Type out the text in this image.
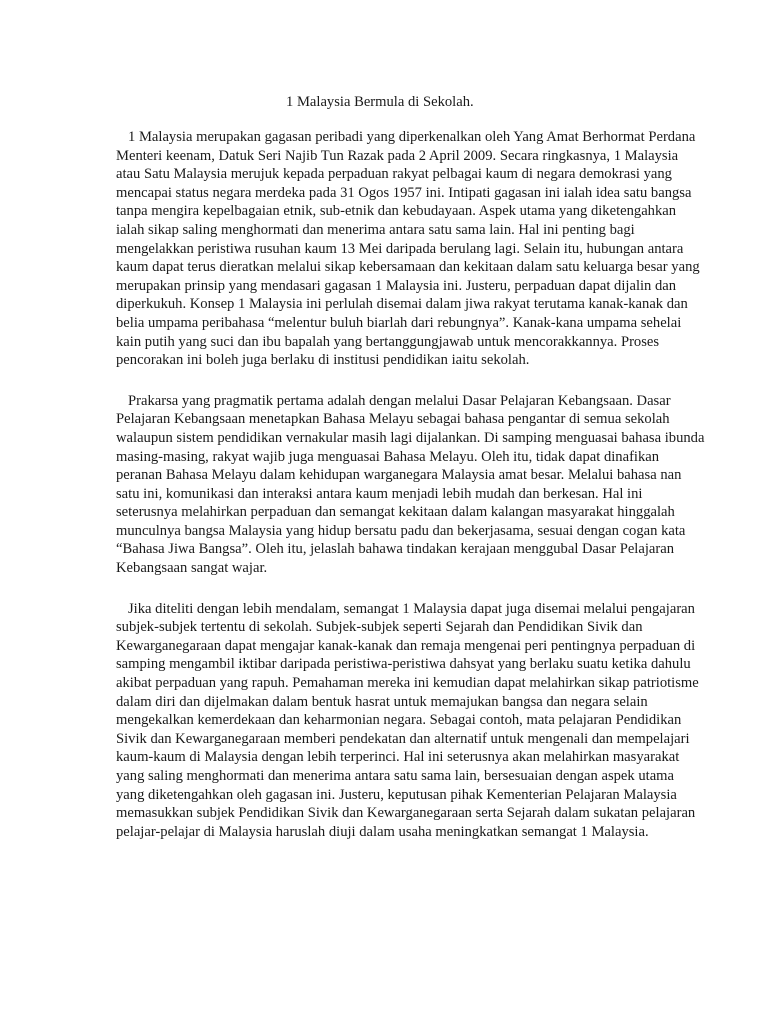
1 Malaysia Bermula di Sekolah.

1 Malaysia merupakan gagasan peribadi yang diperkenalkan oleh Yang Amat Berhormat Perdana Menteri keenam, Datuk Seri Najib Tun Razak pada 2 April 2009. Secara ringkasnya, 1 Malaysia atau Satu Malaysia merujuk kepada perpaduan rakyat pelbagai kaum di negara demokrasi yang mencapai status negara merdeka pada 31 Ogos 1957 ini. Intipati gagasan ini ialah idea satu bangsa tanpa mengira kepelbagaian etnik, sub-etnik dan kebudayaan. Aspek utama yang diketengahkan ialah sikap saling menghormati dan menerima antara satu sama lain. Hal ini penting bagi mengelakkan peristiwa rusuhan kaum 13 Mei daripada berulang lagi. Selain itu, hubungan antara kaum dapat terus dieratkan melalui sikap kebersamaan dan kekitaan dalam satu keluarga besar yang merupakan prinsip yang mendasari gagasan 1 Malaysia ini. Justeru, perpaduan dapat dijalin dan diperkukuh. Konsep 1 Malaysia ini perlulah disemai dalam jiwa rakyat terutama kanak-kanak dan belia umpama peribahasa “melentur buluh biarlah dari rebungnya”. Kanak-kana umpama sehelai kain putih yang suci dan ibu bapalah yang bertanggungjawab untuk mencorakkannya. Proses pencorakan ini boleh juga berlaku di institusi pendidikan iaitu sekolah.

Prakarsa yang pragmatik pertama adalah dengan melalui Dasar Pelajaran Kebangsaan. Dasar Pelajaran Kebangsaan menetapkan Bahasa Melayu sebagai bahasa pengantar di semua sekolah walaupun sistem pendidikan vernakular masih lagi dijalankan. Di samping menguasai bahasa ibunda masing-masing, rakyat wajib juga menguasai Bahasa Melayu. Oleh itu, tidak dapat dinafikan peranan Bahasa Melayu dalam kehidupan warganegara Malaysia amat besar. Melalui bahasa nan satu ini, komunikasi dan interaksi antara kaum menjadi lebih mudah dan berkesan. Hal ini seterusnya melahirkan perpaduan dan semangat kekitaan dalam kalangan masyarakat hinggalah munculnya bangsa Malaysia yang hidup bersatu padu dan bekerjasama, sesuai dengan cogan kata “Bahasa Jiwa Bangsa”. Oleh itu, jelaslah bahawa tindakan kerajaan menggubal Dasar Pelajaran Kebangsaan sangat wajar.

Jika diteliti dengan lebih mendalam, semangat 1 Malaysia dapat juga disemai melalui pengajaran subjek-subjek tertentu di sekolah. Subjek-subjek seperti Sejarah dan Pendidikan Sivik dan Kewarganegaraan dapat mengajar kanak-kanak dan remaja mengenai peri pentingnya perpaduan di samping mengambil iktibar daripada peristiwa-peristiwa dahsyat yang berlaku suatu ketika dahulu akibat perpaduan yang rapuh. Pemahaman mereka ini kemudian dapat melahirkan sikap patriotisme dalam diri dan dijelmakan dalam bentuk hasrat untuk memajukan bangsa dan negara selain mengekalkan kemerdekaan dan keharmonian negara. Sebagai contoh, mata pelajaran Pendidikan Sivik dan Kewarganegaraan memberi pendekatan dan alternatif untuk mengenali dan mempelajari kaum-kaum di Malaysia dengan lebih terperinci. Hal ini seterusnya akan melahirkan masyarakat yang saling menghormati dan menerima antara satu sama lain, bersesuaian dengan aspek utama yang diketengahkan oleh gagasan ini. Justeru, keputusan pihak Kementerian Pelajaran Malaysia memasukkan subjek Pendidikan Sivik dan Kewarganegaraan serta Sejarah dalam sukatan pelajaran pelajar-pelajar di Malaysia haruslah diuji dalam usaha meningkatkan semangat 1 Malaysia.
